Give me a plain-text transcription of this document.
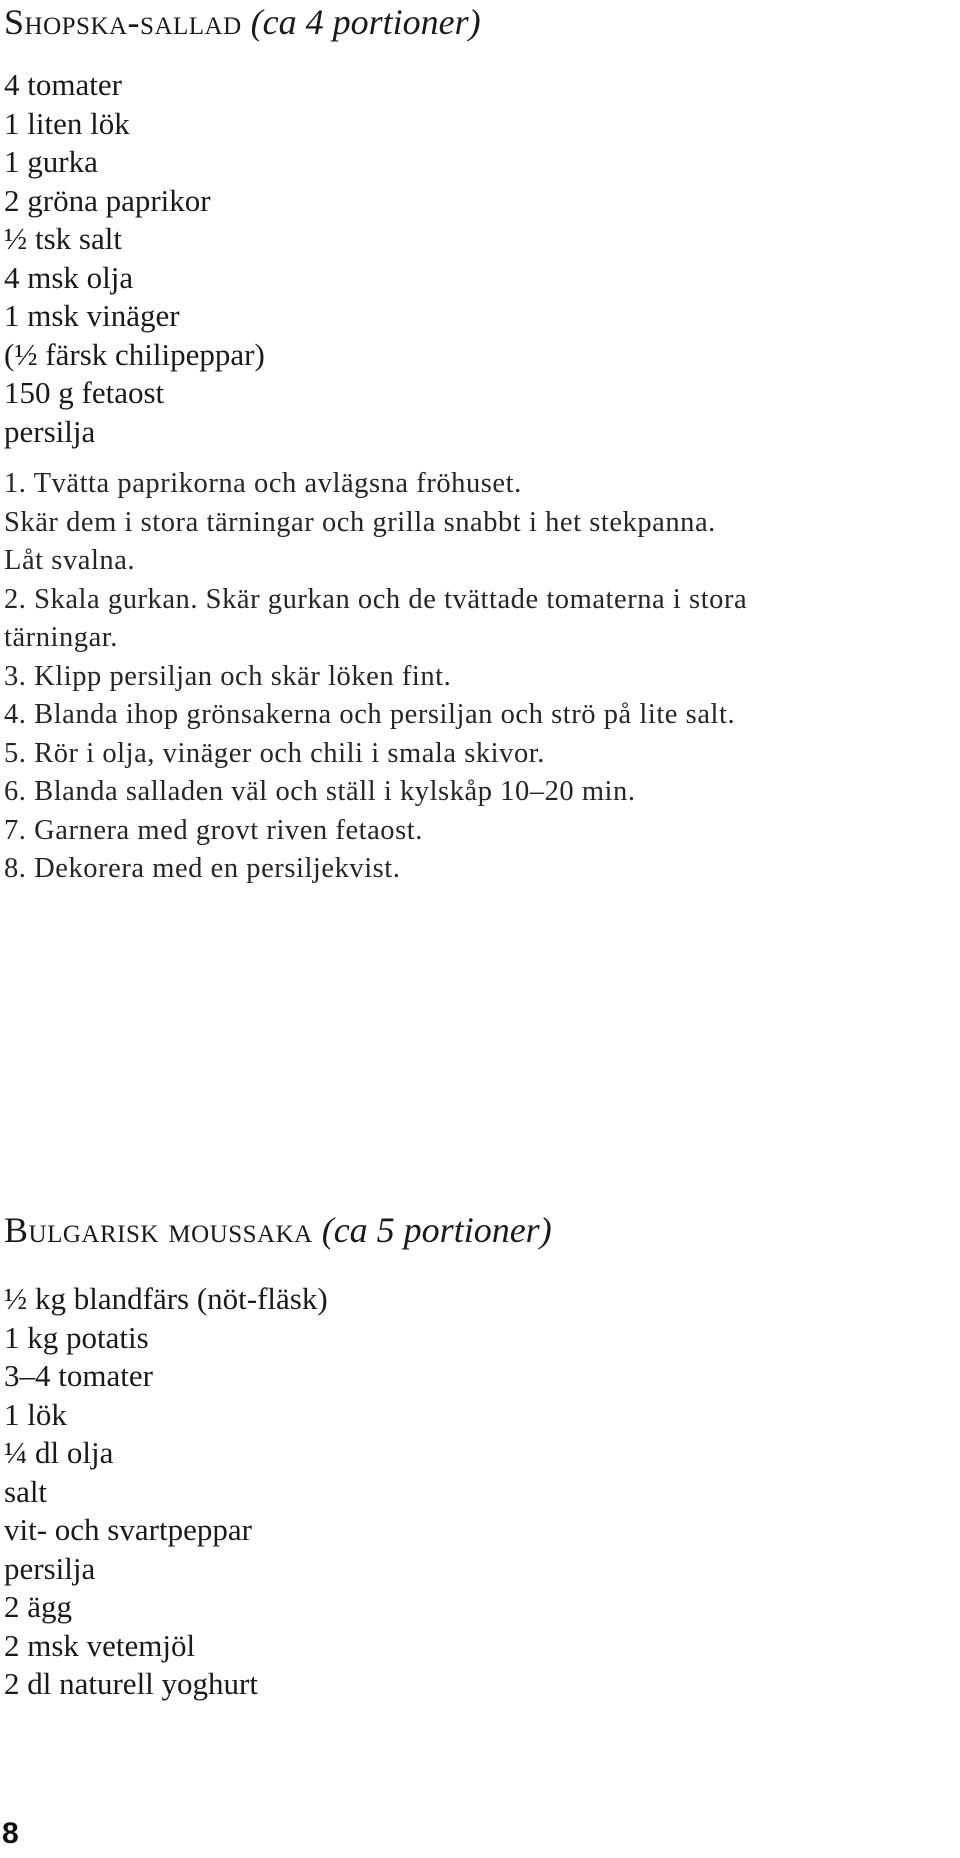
Shopska-sallad (ca 4 portioner)
4 tomater
1 liten lök
1 gurka
2 gröna paprikor
½ tsk salt
4 msk olja
1 msk vinäger
(½ färsk chilipeppar)
150 g fetaost
persilja
1. Tvätta paprikorna och avlägsna fröhuset.
Skär dem i stora tärningar och grilla snabbt i het stekpanna.
Låt svalna.
2. Skala gurkan. Skär gurkan och de tvättade tomaterna i stora
tärningar.
3. Klipp persiljan och skär löken fint.
4. Blanda ihop grönsakerna och persiljan och strö på lite salt.
5. Rör i olja, vinäger och chili i smala skivor.
6. Blanda salladen väl och ställ i kylskåp 10–20 min.
7. Garnera med grovt riven fetaost.
8. Dekorera med en persiljekvist.
Bulgarisk moussaka (ca 5 portioner)
½ kg blandfärs (nöt-fläsk)
1 kg potatis
3–4 tomater
1 lök
¼ dl olja
salt
vit- och svartpeppar
persilja
2 ägg
2 msk vetemjöl
2 dl naturell yoghurt
8
